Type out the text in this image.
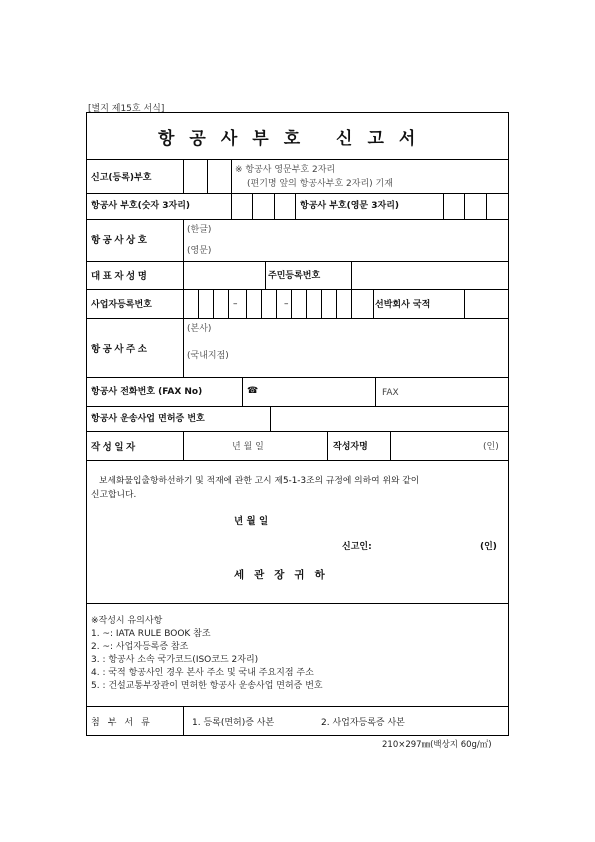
[별지 제15호 서식]
항공사부호 신고서
신고(등록)부호
※ 항공사 영문부호 2자리
(편기명 앞의 항공사부호 2자리) 기재
항공사 부호(숫자 3자리)	항공사 부호(영문 3자리)
항공사상호
(한글)
(영문)
대표자성명	주민등록번호
사업자등록번호	–	–	선박회사 국적
항공사주소
(본사)
(국내지점)
항공사 전화번호 (FAX No)	☎	FAX
항공사 운송사업 면허증 번호
작성일자	년 월 일	작성자명	(인)
보세화물입출항하선하기 및 적재에 관한 고시 제5-1-3조의 규정에 의하여 위와 같이
신고합니다.
년 월 일
신고인:	(인)
세관장귀하
※작성시 유의사항
1. ~: IATA RULE BOOK 참조
2. ~: 사업자등록증 참조
3. : 항공사 소속 국가코드(ISO코드 2자리)
4. : 국적 항공사인 경우 본사 주소 및 국내 주요지점 주소
5. : 건설교통부장관이 면허한 항공사 운송사업 면허증 번호
첨부서류	1. 등록(면허)증 사본	2. 사업자등록증 사본
210×297㎜(백상지 60g/㎡)
